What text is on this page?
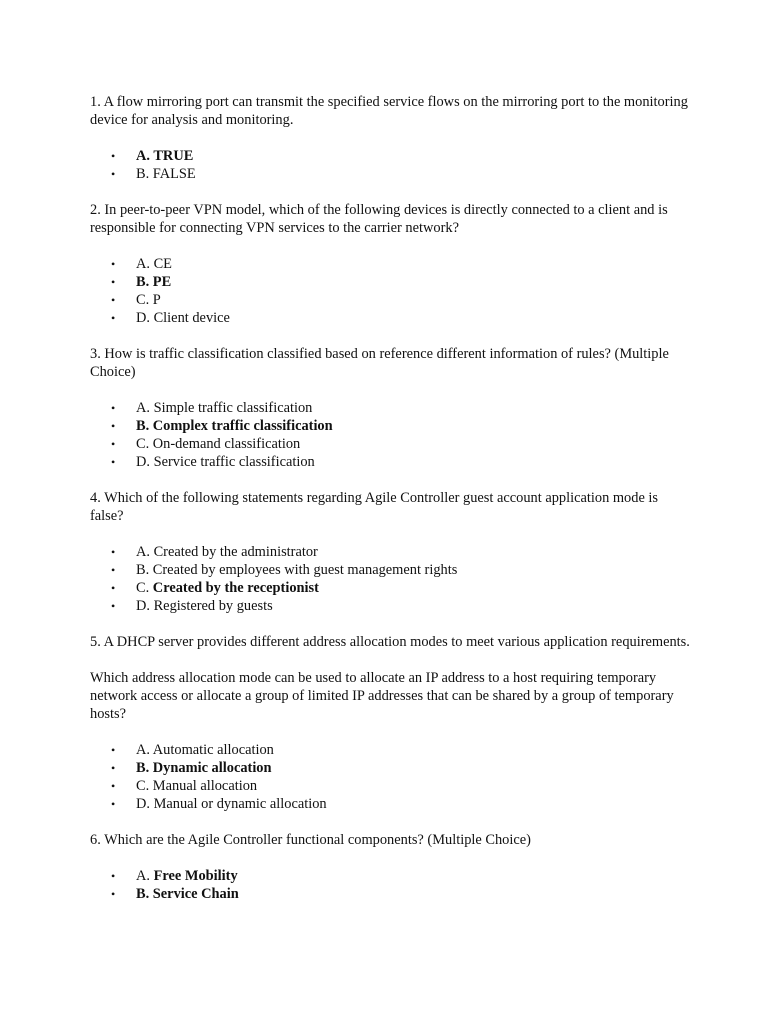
1. A flow mirroring port can transmit the specified service flows on the mirroring port to the monitoring device for analysis and monitoring.

• A. TRUE
• B. FALSE

2. In peer-to-peer VPN model, which of the following devices is directly connected to a client and is responsible for connecting VPN services to the carrier network?

• A. CE
• B. PE
• C. P
• D. Client device

3. How is traffic classification classified based on reference different information of rules? (Multiple Choice)

• A. Simple traffic classification
• B. Complex traffic classification
• C. On-demand classification
• D. Service traffic classification

4. Which of the following statements regarding Agile Controller guest account application mode is false?

• A. Created by the administrator
• B. Created by employees with guest management rights
• C. Created by the receptionist
• D. Registered by guests

5. A DHCP server provides different address allocation modes to meet various application requirements.

Which address allocation mode can be used to allocate an IP address to a host requiring temporary network access or allocate a group of limited IP addresses that can be shared by a group of temporary hosts?

• A. Automatic allocation
• B. Dynamic allocation
• C. Manual allocation
• D. Manual or dynamic allocation

6. Which are the Agile Controller functional components? (Multiple Choice)

• A. Free Mobility
• B. Service Chain
